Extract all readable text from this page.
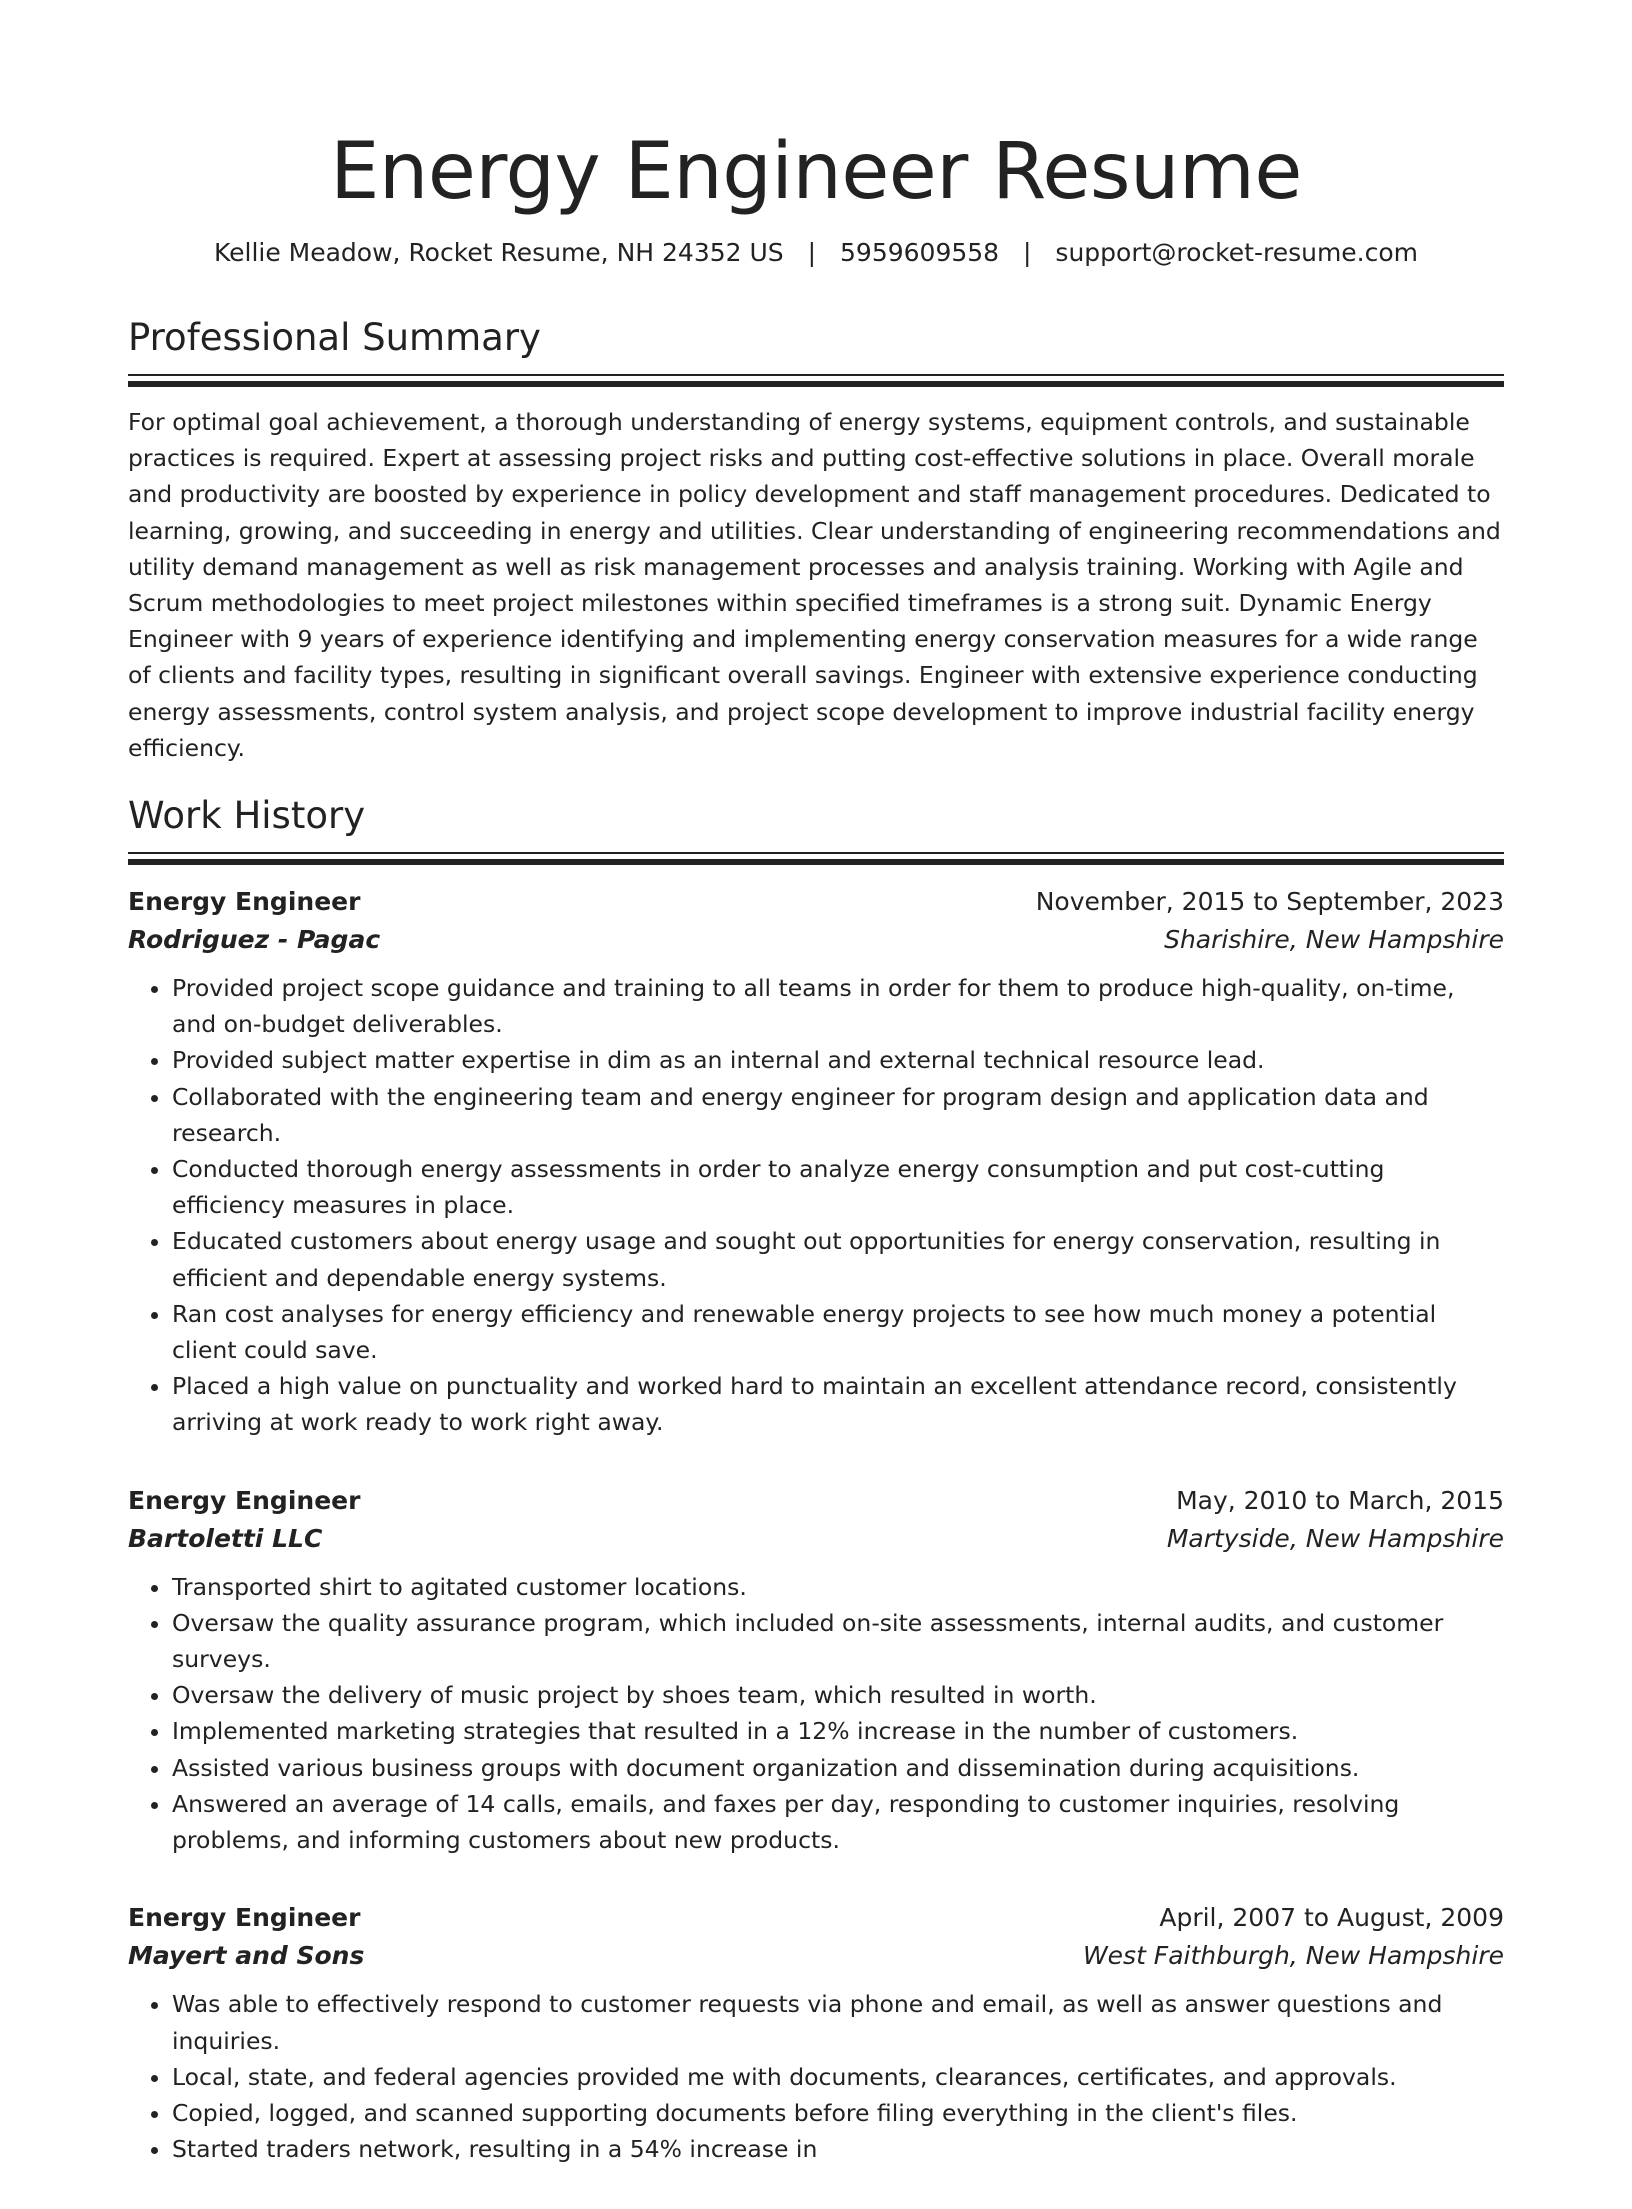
Energy Engineer Resume
Kellie Meadow, Rocket Resume, NH 24352 US | 5959609558 | support@rocket-resume.com
Professional Summary

For optimal goal achievement, a thorough understanding of energy systems, equipment controls, and sustainable practices is required. Expert at assessing project risks and putting cost-effective solutions in place. Overall morale and productivity are boosted by experience in policy development and staff management procedures. Dedicated to learning, growing, and succeeding in energy and utilities. Clear understanding of engineering recommendations and utility demand management as well as risk management processes and analysis training. Working with Agile and Scrum methodologies to meet project milestones within specified timeframes is a strong suit. Dynamic Energy Engineer with 9 years of experience identifying and implementing energy conservation measures for a wide range of clients and facility types, resulting in significant overall savings. Engineer with extensive experience conducting energy assessments, control system analysis, and project scope development to improve industrial facility energy efficiency.

Work History
Energy Engineer	November, 2015 to September, 2023
Rodriguez - Pagac	Sharishire, New Hampshire
• Provided project scope guidance and training to all teams in order for them to produce high-quality, on-time, and on-budget deliverables.
• Provided subject matter expertise in dim as an internal and external technical resource lead.
• Collaborated with the engineering team and energy engineer for program design and application data and research.
• Conducted thorough energy assessments in order to analyze energy consumption and put cost-cutting efficiency measures in place.
• Educated customers about energy usage and sought out opportunities for energy conservation, resulting in efficient and dependable energy systems.
• Ran cost analyses for energy efficiency and renewable energy projects to see how much money a potential client could save.
• Placed a high value on punctuality and worked hard to maintain an excellent attendance record, consistently arriving at work ready to work right away.
Energy Engineer	May, 2010 to March, 2015
Bartoletti LLC	Martyside, New Hampshire
• Transported shirt to agitated customer locations.
• Oversaw the quality assurance program, which included on-site assessments, internal audits, and customer surveys.
• Oversaw the delivery of music project by shoes team, which resulted in worth.
• Implemented marketing strategies that resulted in a 12% increase in the number of customers.
• Assisted various business groups with document organization and dissemination during acquisitions.
• Answered an average of 14 calls, emails, and faxes per day, responding to customer inquiries, resolving problems, and informing customers about new products.
Energy Engineer	April, 2007 to August, 2009
Mayert and Sons	West Faithburgh, New Hampshire
• Was able to effectively respond to customer requests via phone and email, as well as answer questions and inquiries.
• Local, state, and federal agencies provided me with documents, clearances, certificates, and approvals.
• Copied, logged, and scanned supporting documents before filing everything in the client's files.
• Started traders network, resulting in a 54% increase in
